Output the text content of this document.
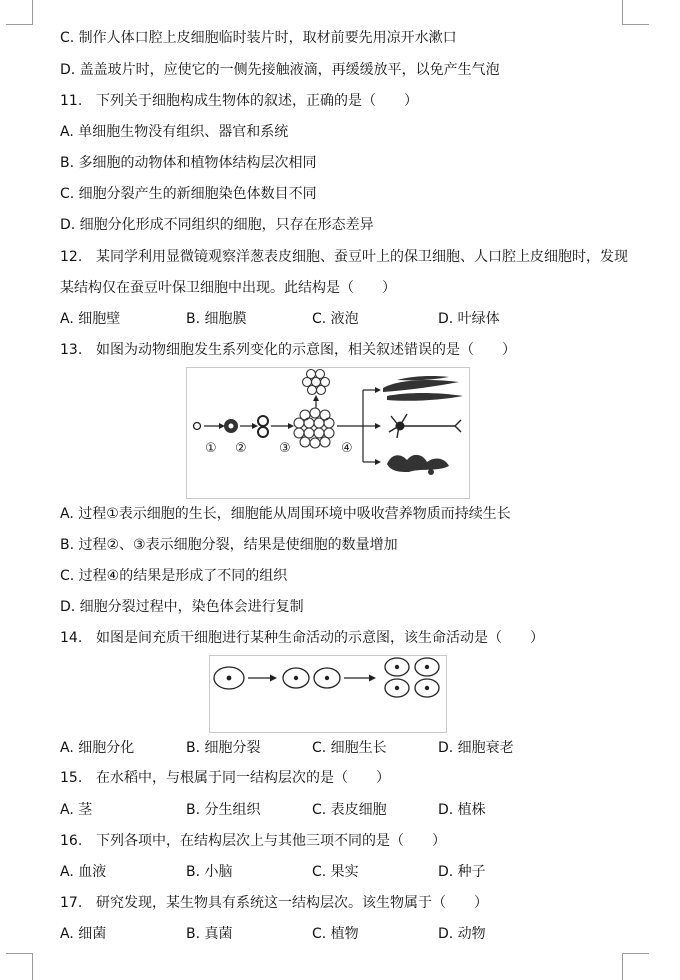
C. 制作人体口腔上皮细胞临时装片时，取材前要先用凉开水漱口
D. 盖盖玻片时，应使它的一侧先接触液滴，再缓缓放平，以免产生气泡
11. 下列关于细胞构成生物体的叙述，正确的是（　　）
A. 单细胞生物没有组织、器官和系统
B. 多细胞的动物体和植物体结构层次相同
C. 细胞分裂产生的新细胞染色体数目不同
D. 细胞分化形成不同组织的细胞，只存在形态差异
12. 某同学利用显微镜观察洋葱表皮细胞、蚕豆叶上的保卫细胞、人口腔上皮细胞时，发现
某结构仅在蚕豆叶保卫细胞中出现。此结构是（　　）
A. 细胞壁	B. 细胞膜	C. 液泡	D. 叶绿体
13. 如图为动物细胞发生系列变化的示意图，相关叙述错误的是（　　）
① ② ③	④
A. 过程①表示细胞的生长，细胞能从周围环境中吸收营养物质而持续生长
B. 过程②、③表示细胞分裂，结果是使细胞的数量增加
C. 过程④的结果是形成了不同的组织
D. 细胞分裂过程中，染色体会进行复制
14. 如图是间充质干细胞进行某种生命活动的示意图，该生命活动是（　　）
A. 细胞分化	B. 细胞分裂	C. 细胞生长	D. 细胞衰老
15. 在水稻中，与根属于同一结构层次的是（　　）
A. 茎	B. 分生组织	C. 表皮细胞	D. 植株
16. 下列各项中，在结构层次上与其他三项不同的是（　　）
A. 血液	B. 小脑	C. 果实	D. 种子
17. 研究发现，某生物具有系统这一结构层次。该生物属于（　　）
A. 细菌	B. 真菌	C. 植物	D. 动物
